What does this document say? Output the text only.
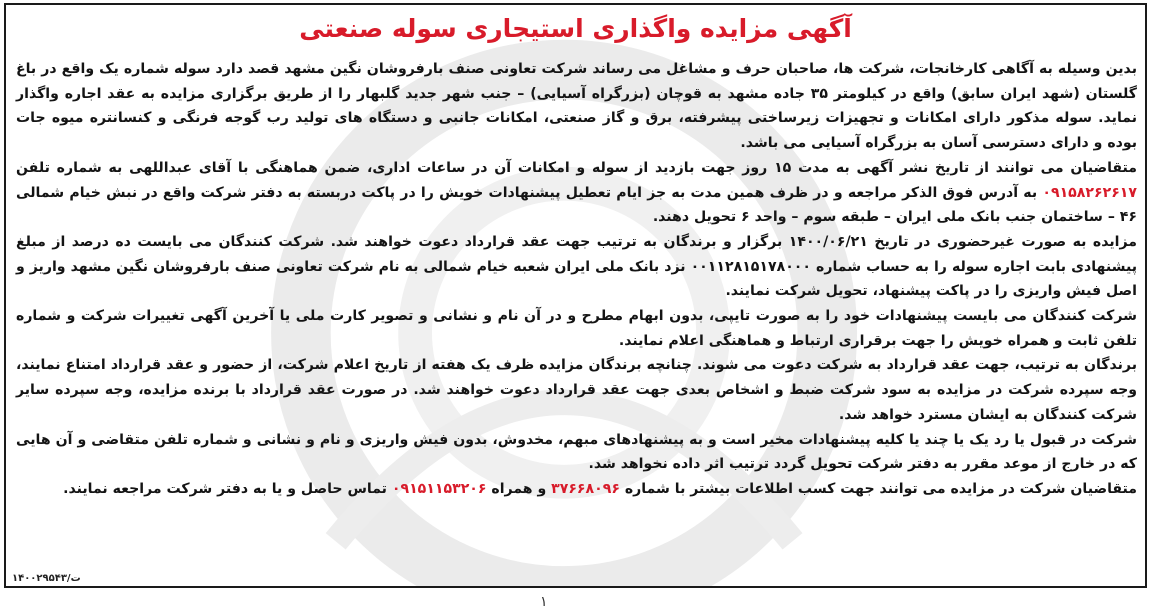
آگهی مزایده واگذاری استیجاری سوله صنعتی

بدین وسیله به آگاهی کارخانجات، شرکت ها، صاحبان حرف و مشاغل می رساند شرکت تعاونی صنف بارفروشان نگین مشهد قصد دارد سوله شماره یک واقع در باغ گلستان (شهد ایران سابق) واقع در کیلومتر ۳۵ جاده مشهد به قوچان (بزرگراه آسیایی) – جنب شهر جدید گلبهار را از طریق برگزاری مزایده به عقد اجاره واگذار نماید. سوله مذکور دارای امکانات و تجهیزات زیرساختی پیشرفته، برق و گاز صنعتی، امکانات جانبی و دستگاه های تولید رب گوجه فرنگی و کنسانتره میوه جات بوده و دارای دسترسی آسان به بزرگراه آسیایی می باشد.

متقاضیان می توانند از تاریخ نشر آگهی به مدت ۱۵ روز جهت بازدید از سوله و امکانات آن در ساعات اداری، ضمن هماهنگی با آقای عبداللهی به شماره تلفن ۰۹۱۵۸۲۶۲۶۱۷ به آدرس فوق الذکر مراجعه و در ظرف همین مدت به جز ایام تعطیل پیشنهادات خویش را در پاکت دربسته به دفتر شرکت واقع در نبش خیام شمالی ۴۶ – ساختمان جنب بانک ملی ایران – طبقه سوم – واحد ۶ تحویل دهند.

مزایده به صورت غیرحضوری در تاریخ ۱۴۰۰/۰۶/۲۱ برگزار و برندگان به ترتیب جهت عقد قرارداد دعوت خواهند شد. شرکت کنندگان می بایست ده درصد از مبلغ پیشنهادی بابت اجاره سوله را به حساب شماره ۰۰۱۱۲۸۱۵۱۷۸۰۰۰ نزد بانک ملی ایران شعبه خیام شمالی به نام شرکت تعاونی صنف بارفروشان نگین مشهد واریز و اصل فیش واریزی را در پاکت پیشنهاد، تحویل شرکت نمایند.

شرکت کنندگان می بایست پیشنهادات خود را به صورت تایپی، بدون ابهام مطرح و در آن نام و نشانی و تصویر کارت ملی یا آخرین آگهی تغییرات شرکت و شماره تلفن ثابت و همراه خویش را جهت برقراری ارتباط و هماهنگی اعلام نمایند.

برندگان به ترتیب، جهت عقد قرارداد به شرکت دعوت می شوند. چنانچه برندگان مزایده ظرف یک هفته از تاریخ اعلام شرکت، از حضور و عقد قرارداد امتناع نمایند، وجه سپرده شرکت در مزایده به سود شرکت ضبط و اشخاص بعدی جهت عقد قرارداد دعوت خواهند شد. در صورت عقد قرارداد با برنده مزایده، وجه سپرده سایر شرکت کنندگان به ایشان مسترد خواهد شد.

شرکت در قبول یا رد یک یا چند یا کلیه پیشنهادات مخیر است و به پیشنهادهای مبهم، مخدوش، بدون فیش واریزی و نام و نشانی و شماره تلفن متقاضی و آن هایی که در خارج از موعد مقرر به دفتر شرکت تحویل گردد ترتیب اثر داده نخواهد شد.

متقاضیان شرکت در مزایده می توانند جهت کسب اطلاعات بیشتر با شماره ۳۷۶۶۸۰۹۶ و همراه ۰۹۱۵۱۱۵۳۲۰۶ تماس حاصل و یا به دفتر شرکت مراجعه نمایند.

۱۴۰۰۲۹۵۴۳/ت
۱
